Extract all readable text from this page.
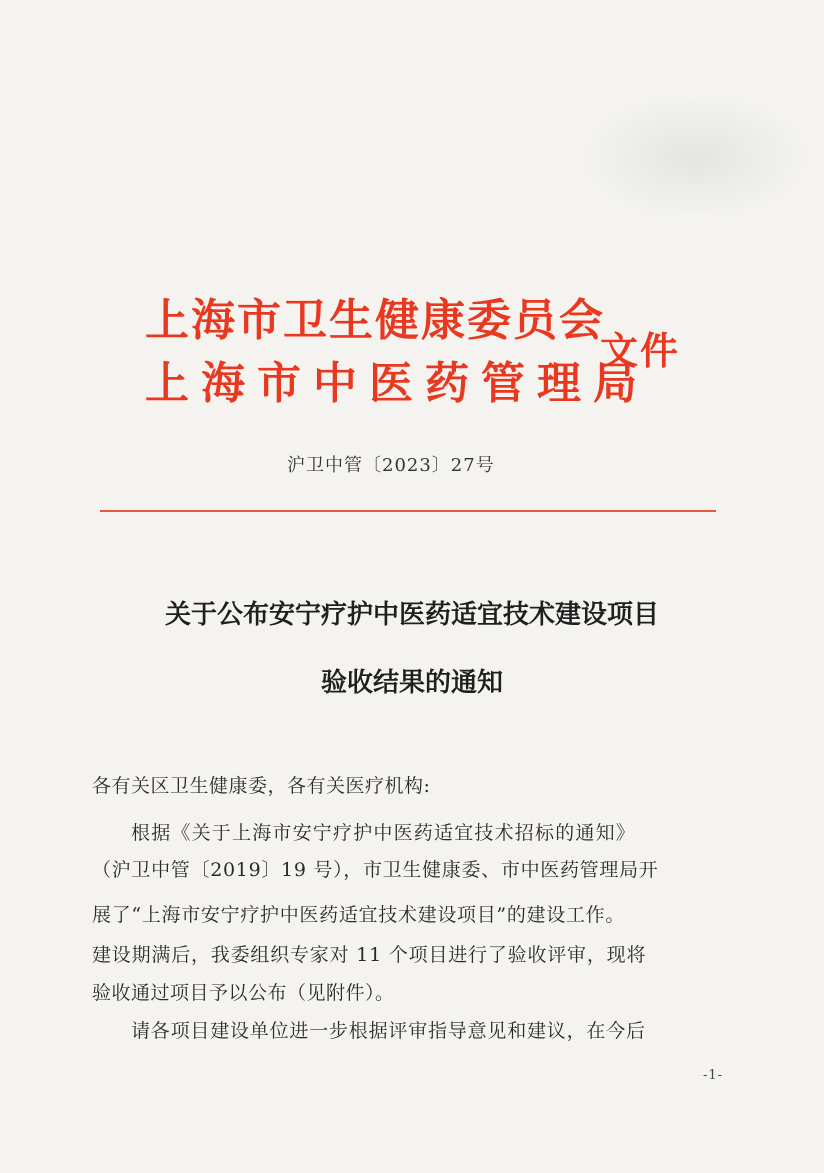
上海市卫生健康委员会
上海市中医药管理局
文件
沪卫中管〔2023〕27号
关于公布安宁疗护中医药适宜技术建设项目
验收结果的通知
各有关区卫生健康委，各有关医疗机构:
根据《关于上海市安宁疗护中医药适宜技术招标的通知》
（沪卫中管〔2019〕19 号），市卫生健康委、市中医药管理局开
展了“上海市安宁疗护中医药适宜技术建设项目”的建设工作。
建设期满后，我委组织专家对 11 个项目进行了验收评审，现将
验收通过项目予以公布（见附件）。
请各项目建设单位进一步根据评审指导意见和建议，在今后
-1-
